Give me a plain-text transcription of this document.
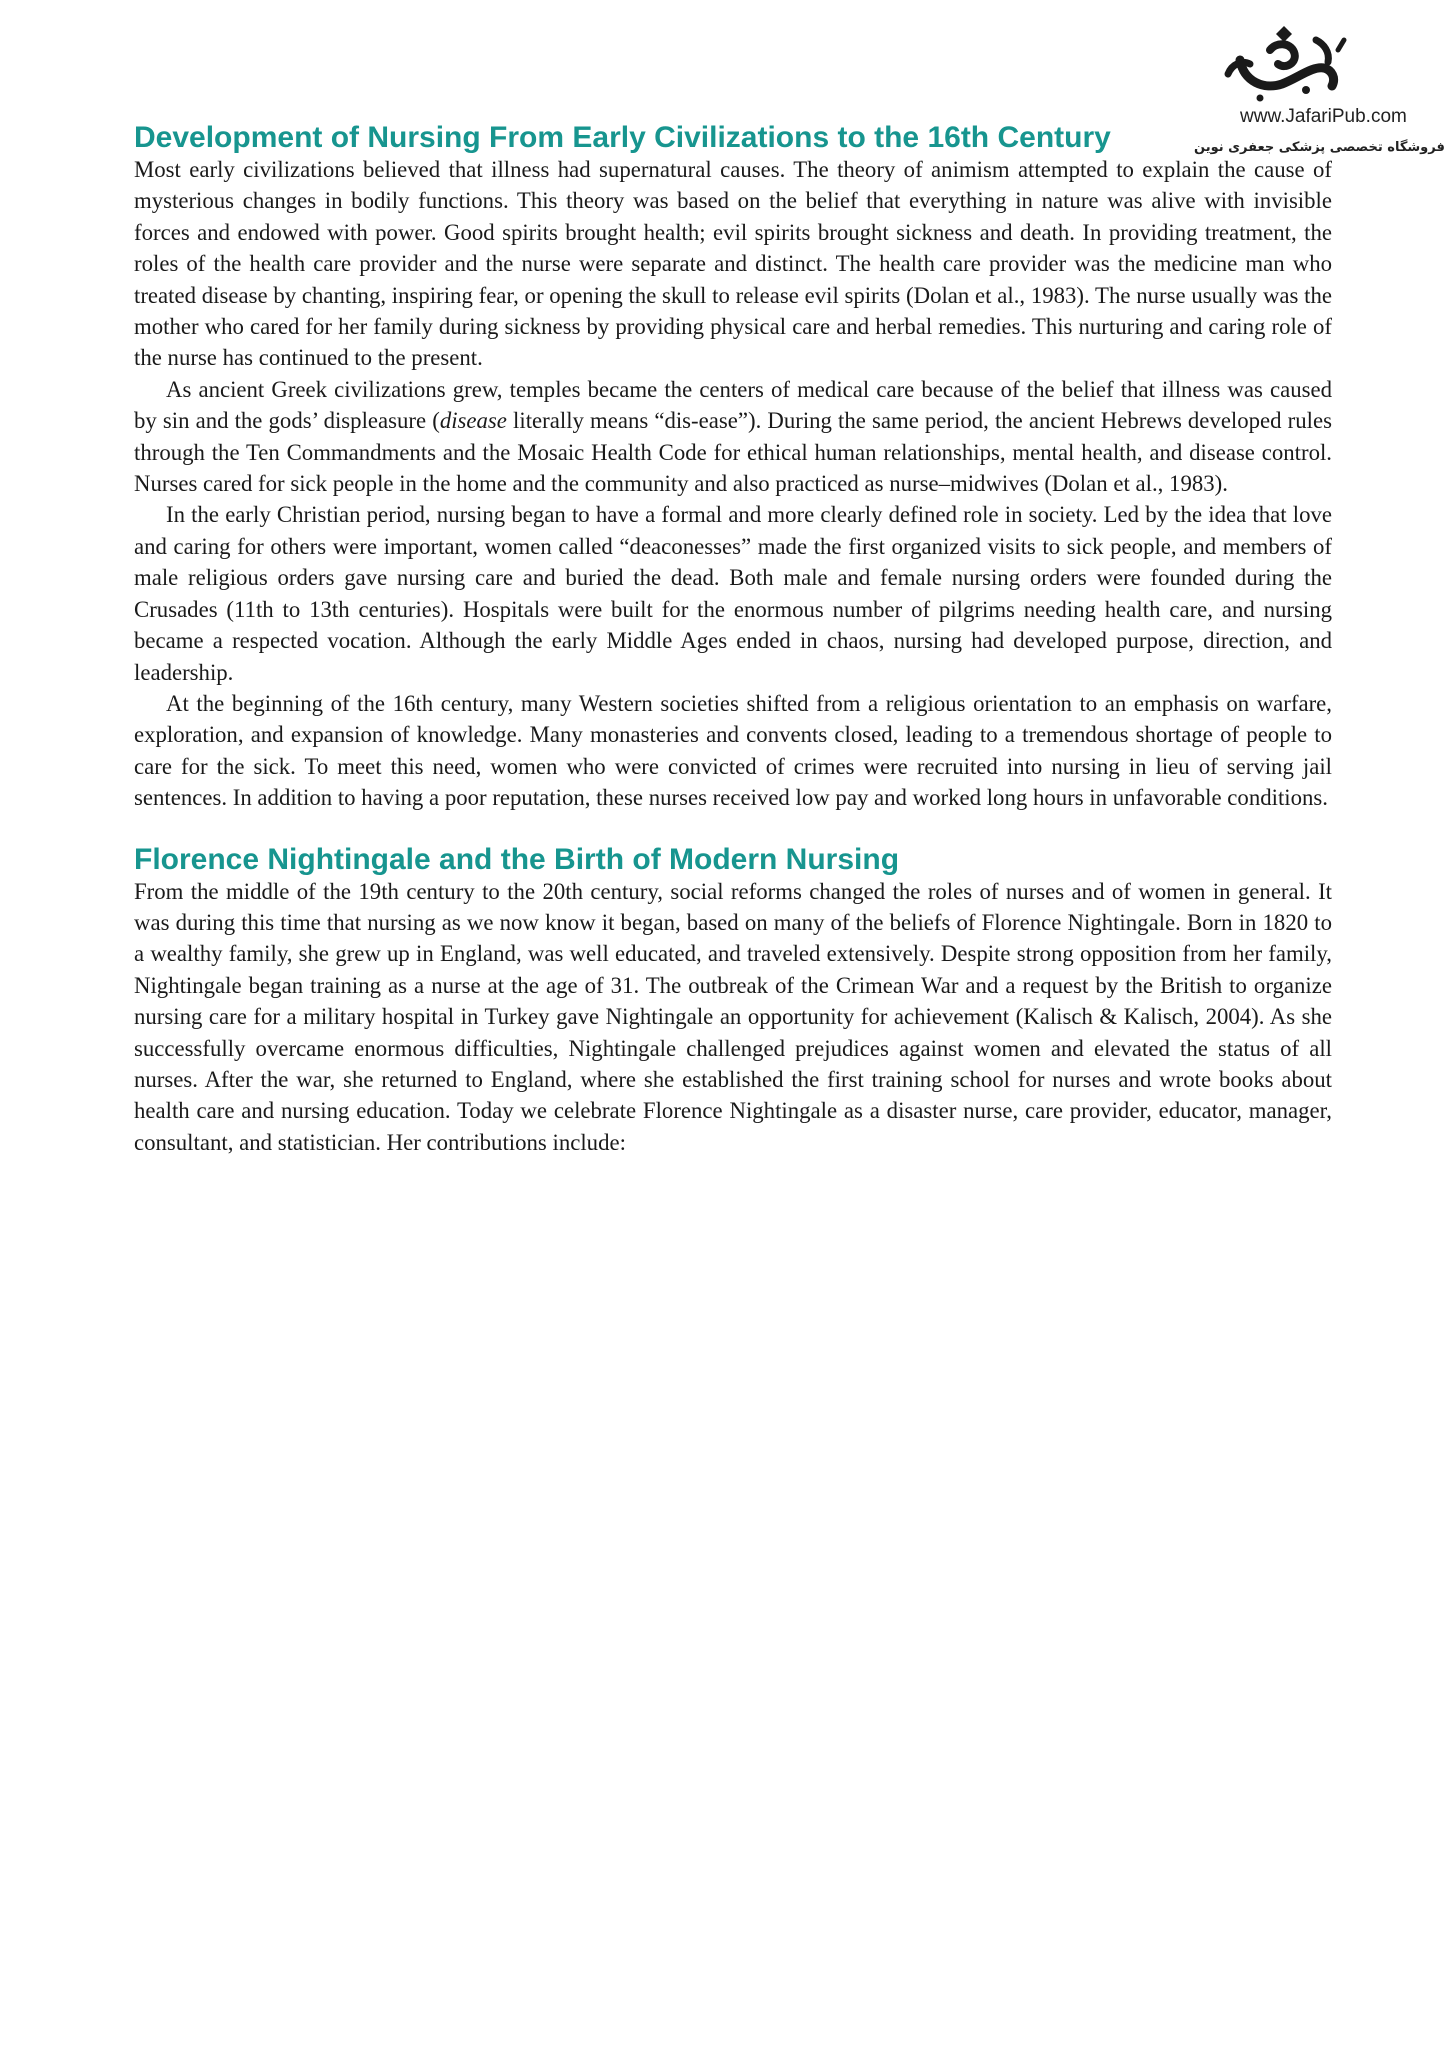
www.JafariPub.com
فروشگاه تخصصی پزشکی جعفری نوین
Development of Nursing From Early Civilizations to the 16th Century

Most early civilizations believed that illness had supernatural causes. The theory of animism attempted to explain the cause of mysterious changes in bodily functions. This theory was based on the belief that everything in nature was alive with invisible forces and endowed with power. Good spirits brought health; evil spirits brought sickness and death. In providing treatment, the roles of the health care provider and the nurse were separate and distinct. The health care provider was the medicine man who treated disease by chanting, inspiring fear, or opening the skull to release evil spirits (Dolan et al., 1983). The nurse usually was the mother who cared for her family during sickness by providing physical care and herbal remedies. This nurturing and caring role of the nurse has continued to the present.

As ancient Greek civilizations grew, temples became the centers of medical care because of the belief that illness was caused by sin and the gods’ displeasure (disease literally means “dis-ease”). During the same period, the ancient Hebrews developed rules through the Ten Commandments and the Mosaic Health Code for ethical human relationships, mental health, and disease control. Nurses cared for sick people in the home and the community and also practiced as nurse–midwives (Dolan et al., 1983).

In the early Christian period, nursing began to have a formal and more clearly defined role in society. Led by the idea that love and caring for others were important, women called “deaconesses” made the first organized visits to sick people, and members of male religious orders gave nursing care and buried the dead. Both male and female nursing orders were founded during the Crusades (11th to 13th centuries). Hospitals were built for the enormous number of pilgrims needing health care, and nursing became a respected vocation. Although the early Middle Ages ended in chaos, nursing had developed purpose, direction, and leadership.

At the beginning of the 16th century, many Western societies shifted from a religious orientation to an emphasis on warfare, exploration, and expansion of knowledge. Many monasteries and convents closed, leading to a tremendous shortage of people to care for the sick. To meet this need, women who were convicted of crimes were recruited into nursing in lieu of serving jail sentences. In addition to having a poor reputation, these nurses received low pay and worked long hours in unfavorable conditions.

Florence Nightingale and the Birth of Modern Nursing

From the middle of the 19th century to the 20th century, social reforms changed the roles of nurses and of women in general. It was during this time that nursing as we now know it began, based on many of the beliefs of Florence Nightingale. Born in 1820 to a wealthy family, she grew up in England, was well educated, and traveled extensively. Despite strong opposition from her family, Nightingale began training as a nurse at the age of 31. The outbreak of the Crimean War and a request by the British to organize nursing care for a military hospital in Turkey gave Nightingale an opportunity for achievement (Kalisch & Kalisch, 2004). As she successfully overcame enormous difficulties, Nightingale challenged prejudices against women and elevated the status of all nurses. After the war, she returned to England, where she established the first training school for nurses and wrote books about health care and nursing education. Today we celebrate Florence Nightingale as a disaster nurse, care provider, educator, manager, consultant, and statistician. Her contributions include:
